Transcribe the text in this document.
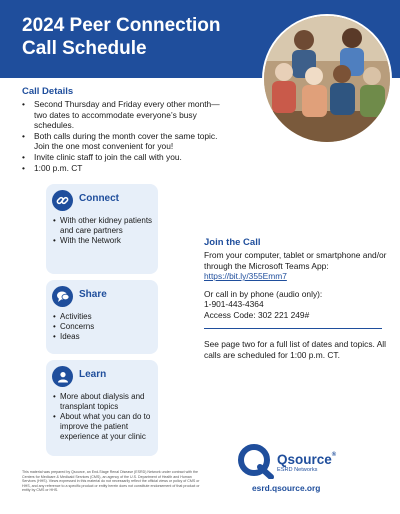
2024 Peer Connection Call Schedule
Call Details
• Second Thursday and Friday every other month—two dates to accommodate everyone’s busy schedules.
• Both calls during the month cover the same topic. Join the one most convenient for you!
• Invite clinic staff to join the call with you.
• 1:00 p.m. CT
Connect
• With other kidney patients and care partners
• With the Network
Share
• Activities
• Concerns
• Ideas
Learn
• More about dialysis and transplant topics
• About what you can do to improve the patient experience at your clinic
Join the Call

From your computer, tablet or smartphone and/or through the Microsoft Teams App:

https://bit.ly/355Emm7

Or call in by phone (audio only):

1-901-443-4364

Access Code: 302 221 249#

See page two for a full list of dates and topics. All calls are scheduled for 1:00 p.m. CT.
This material was prepared by Qsource, an End-Stage Renal Disease (ESRD) Network under contract with the Centers for Medicare & Medicaid Services (CMS), an agency of the U.S. Department of Health and Human Services (HHS). Views expressed in this material do not necessarily reflect the official views or policy of CMS or HHS, and any reference to a specific product or entity herein does not constitute endorsement of that product or entity by CMS or HHS.
Qsource®
ESRD Networks
esrd.qsource.org
